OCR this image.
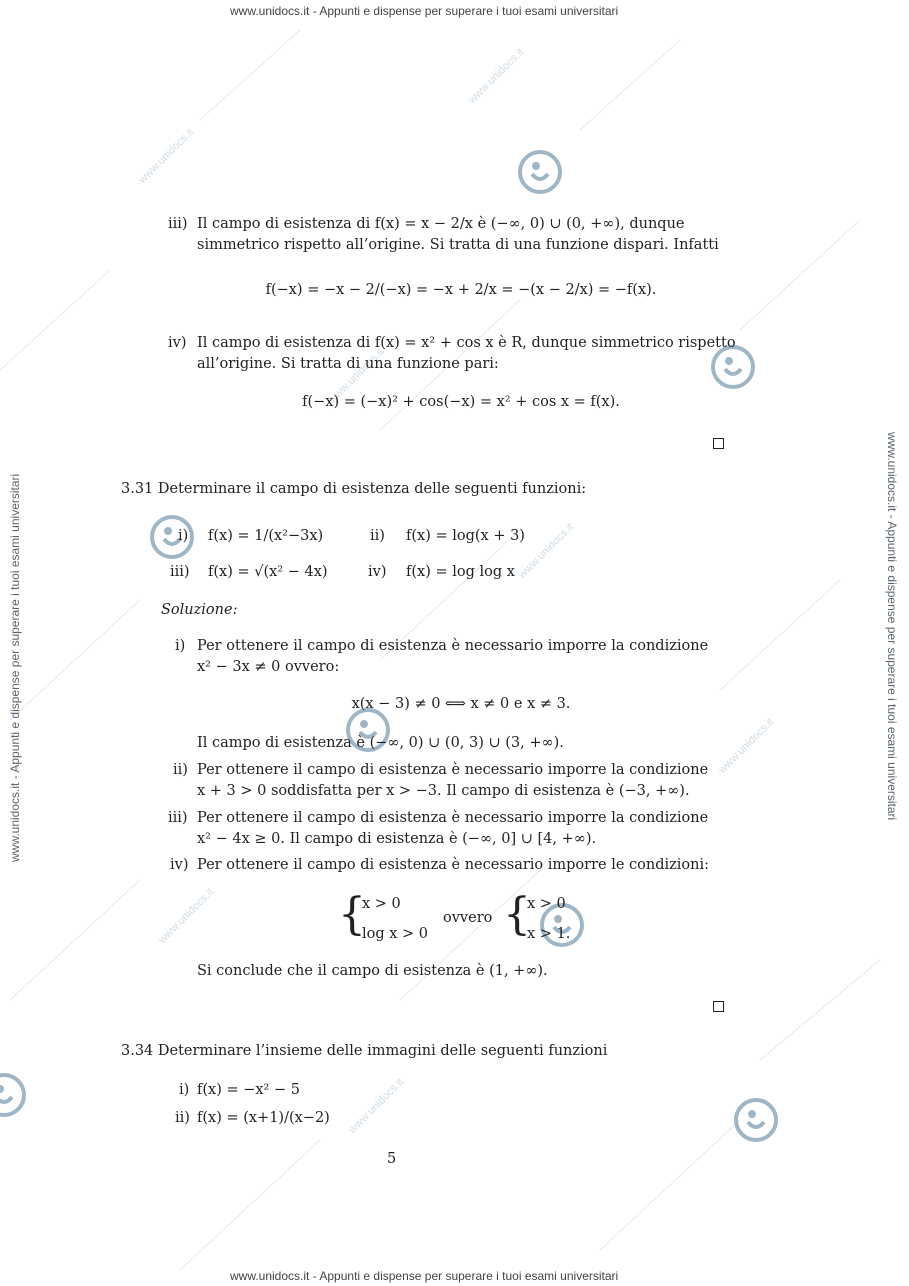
www.unidocs.it
www.unidocs.it
www.unidocs.it
www.unidocs.it
www.unidocs.it
www.unidocs.it
www.unidocs.it
www.unidocs.it - Appunti e dispense per superare i tuoi esami universitari
www.unidocs.it - Appunti e dispense per superare i tuoi esami universitari
www.unidocs.it - Appunti e dispense per superare i tuoi esami universitari	www.unidocs.it - Appunti e dispense per superare i tuoi esami universitari
iii) Il campo di esistenza di f(x) = x − 2/x è (−∞, 0) ∪ (0, +∞), dunque
simmetrico rispetto all’origine. Si tratta di una funzione dispari. Infatti
f(−x) = −x − 2/(−x) = −x + 2/x = −(x − 2/x) = −f(x).
iv) Il campo di esistenza di f(x) = x² + cos x è R, dunque simmetrico rispetto
all’origine. Si tratta di una funzione pari:
f(−x) = (−x)² + cos(−x) = x² + cos x = f(x).
3.31 Determinare il campo di esistenza delle seguenti funzioni:
i) f(x) = 1/(x²−3x)	ii) f(x) = log(x + 3)
iii) f(x) = √(x² − 4x)	iv) f(x) = log log x
Soluzione:
i) Per ottenere il campo di esistenza è necessario imporre la condizione
x² − 3x ≠ 0 ovvero:
x(x − 3) ≠ 0 ⟺ x ≠ 0 e x ≠ 3.
Il campo di esistenza è (−∞, 0) ∪ (0, 3) ∪ (3, +∞).
ii) Per ottenere il campo di esistenza è necessario imporre la condizione
x + 3 > 0 soddisfatta per x > −3. Il campo di esistenza è (−3, +∞).
iii) Per ottenere il campo di esistenza è necessario imporre la condizione
x² − 4x ≥ 0. Il campo di esistenza è (−∞, 0] ∪ [4, +∞).
iv) Per ottenere il campo di esistenza è necessario imporre le condizioni:
{
x > 0
log x > 0
ovvero {
x > 0
x > 1.
Si conclude che il campo di esistenza è (1, +∞).
3.34 Determinare l’insieme delle immagini delle seguenti funzioni
i) f(x) = −x² − 5
ii) f(x) = (x+1)/(x−2)
5
